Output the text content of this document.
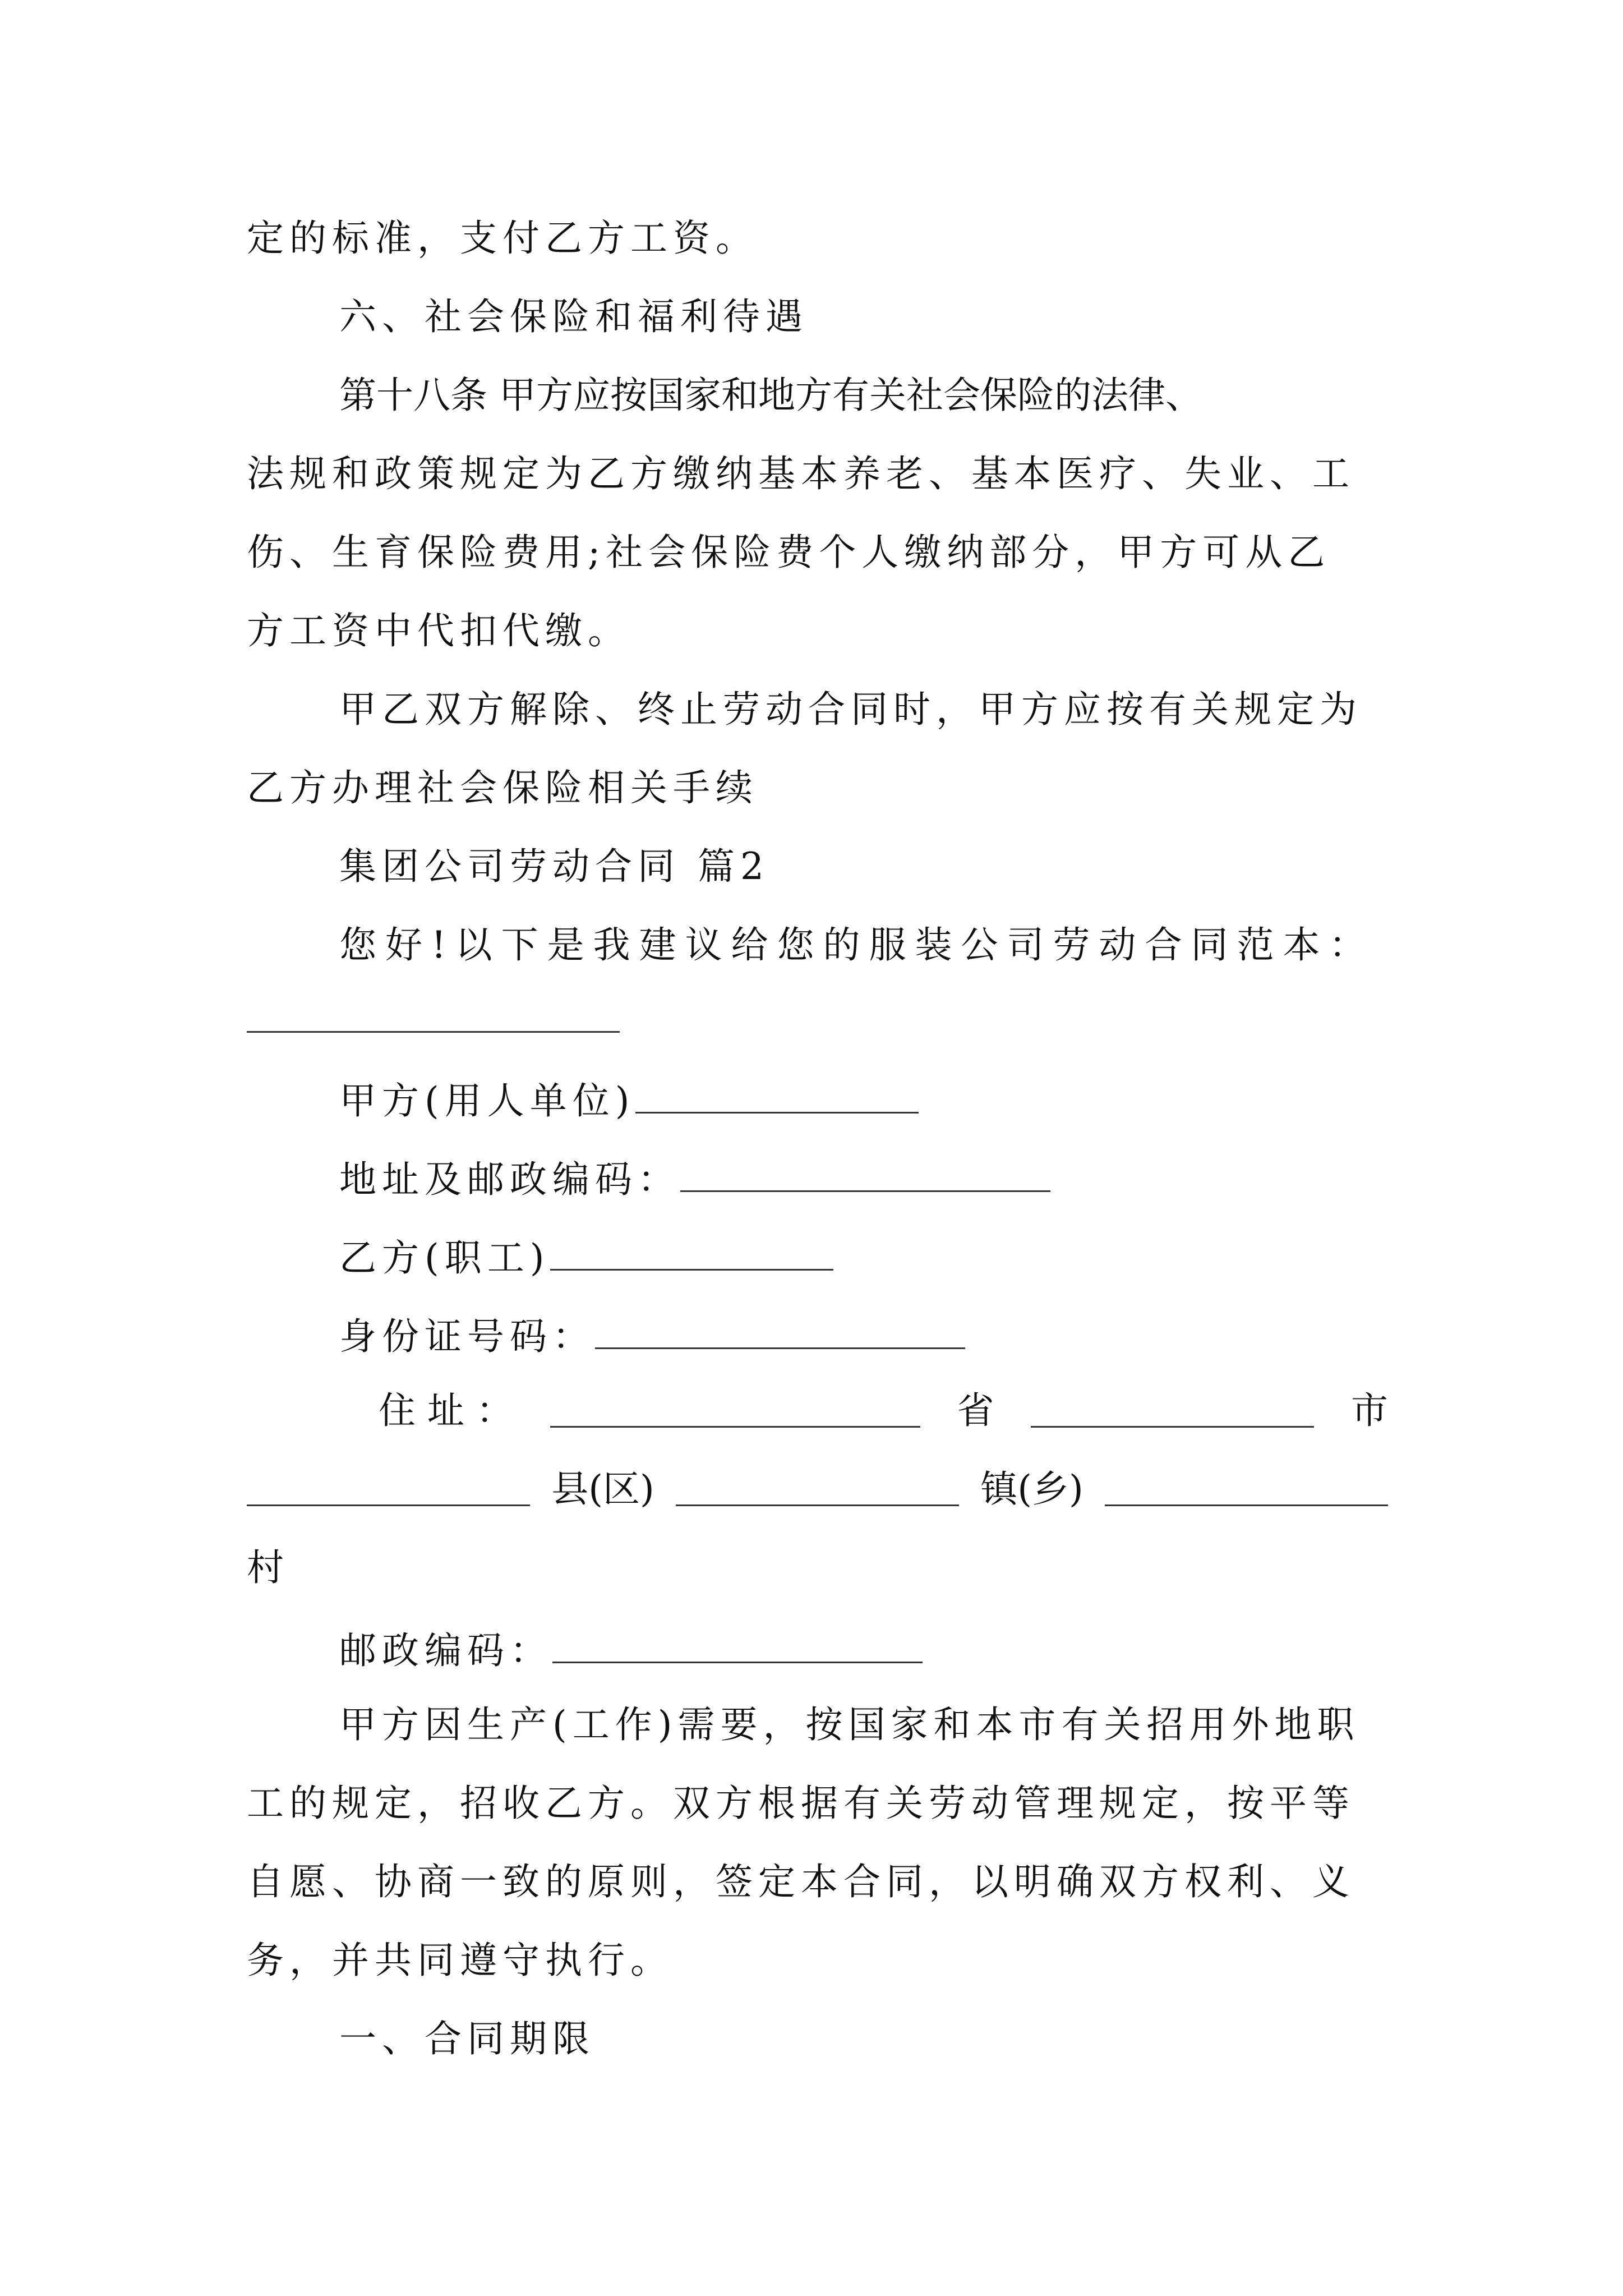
定的标准，支付乙方工资。
六、社会保险和福利待遇
第十八条 甲方应按国家和地方有关社会保险的法律、
法规和政策规定为乙方缴纳基本养老、基本医疗、失业、工
伤、生育保险费用;社会保险费个人缴纳部分，甲方可从乙
方工资中代扣代缴。
甲乙双方解除、终止劳动合同时，甲方应按有关规定为
乙方办理社会保险相关手续
集团公司劳动合同 篇2
您好!以下是我建议给您的服装公司劳动合同范本：
甲方(用人单位)
地址及邮政编码：
乙方(职工)
身份证号码：
住 址 ：	省	市
县(区)	镇(乡)
村
邮政编码：
甲方因生产(工作)需要，按国家和本市有关招用外地职
工的规定，招收乙方。双方根据有关劳动管理规定，按平等
自愿、协商一致的原则，签定本合同，以明确双方权利、义
务，并共同遵守执行。
一、合同期限
